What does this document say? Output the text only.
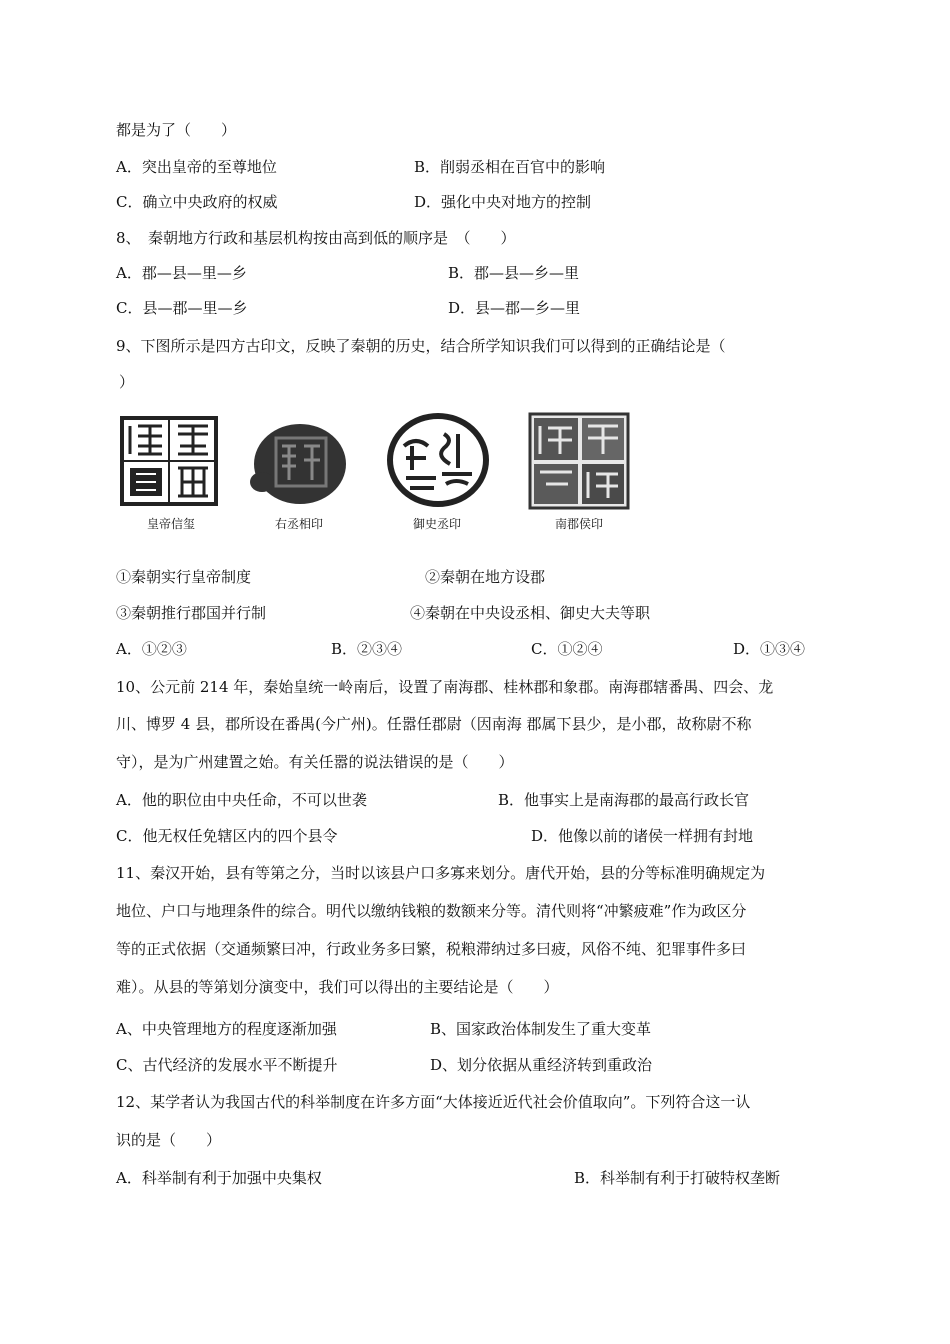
都是为了（　　）
A．突出皇帝的至尊地位	B．削弱丞相在百官中的影响
C．确立中央政府的权威	D．强化中央对地方的控制
8、　秦朝地方行政和基层机构按由高到低的顺序是　（　　）
A．郡—县—里—乡	B．郡—县—乡—里
C．县—郡—里—乡	D．县—郡—乡—里
9、下图所示是四方古印文，反映了秦朝的历史，结合所学知识我们可以得到的正确结论是（
）
皇帝信玺	右丞相印	御史丞印	南郡侯印
①秦朝实行皇帝制度	②秦朝在地方设郡
③秦朝推行郡国并行制	④秦朝在中央设丞相、御史大夫等职
A．①②③	B．②③④	C．①②④	D．①③④
10、公元前 214 年，秦始皇统一岭南后，设置了南海郡、桂林郡和象郡。南海郡辖番禺、四会、龙
川、博罗 4 县，郡所设在番禺(今广州)。任嚣任郡尉（因南海 郡属下县少，是小郡，故称尉不称
守），是为广州建置之始。有关任嚣的说法错误的是（　　）
A．他的职位由中央任命，不可以世袭	B．他事实上是南海郡的最高行政长官
C．他无权任免辖区内的四个县令	D．他像以前的诸侯一样拥有封地
11、秦汉开始，县有等第之分，当时以该县户口多寡来划分。唐代开始，县的分等标准明确规定为
地位、户口与地理条件的综合。明代以缴纳钱粮的数额来分等。清代则将“冲繁疲难”作为政区分
等的正式依据（交通频繁曰冲，行政业务多曰繁，税粮滞纳过多曰疲，风俗不纯、犯罪事件多曰
难）。从县的等第划分演变中，我们可以得出的主要结论是（　　）
A、中央管理地方的程度逐渐加强	B、国家政治体制发生了重大变革
C、古代经济的发展水平不断提升	D、划分依据从重经济转到重政治
12、某学者认为我国古代的科举制度在许多方面“大体接近近代社会价值取向”。下列符合这一认
识的是（　　）
A．科举制有利于加强中央集权	B．科举制有利于打破特权垄断
